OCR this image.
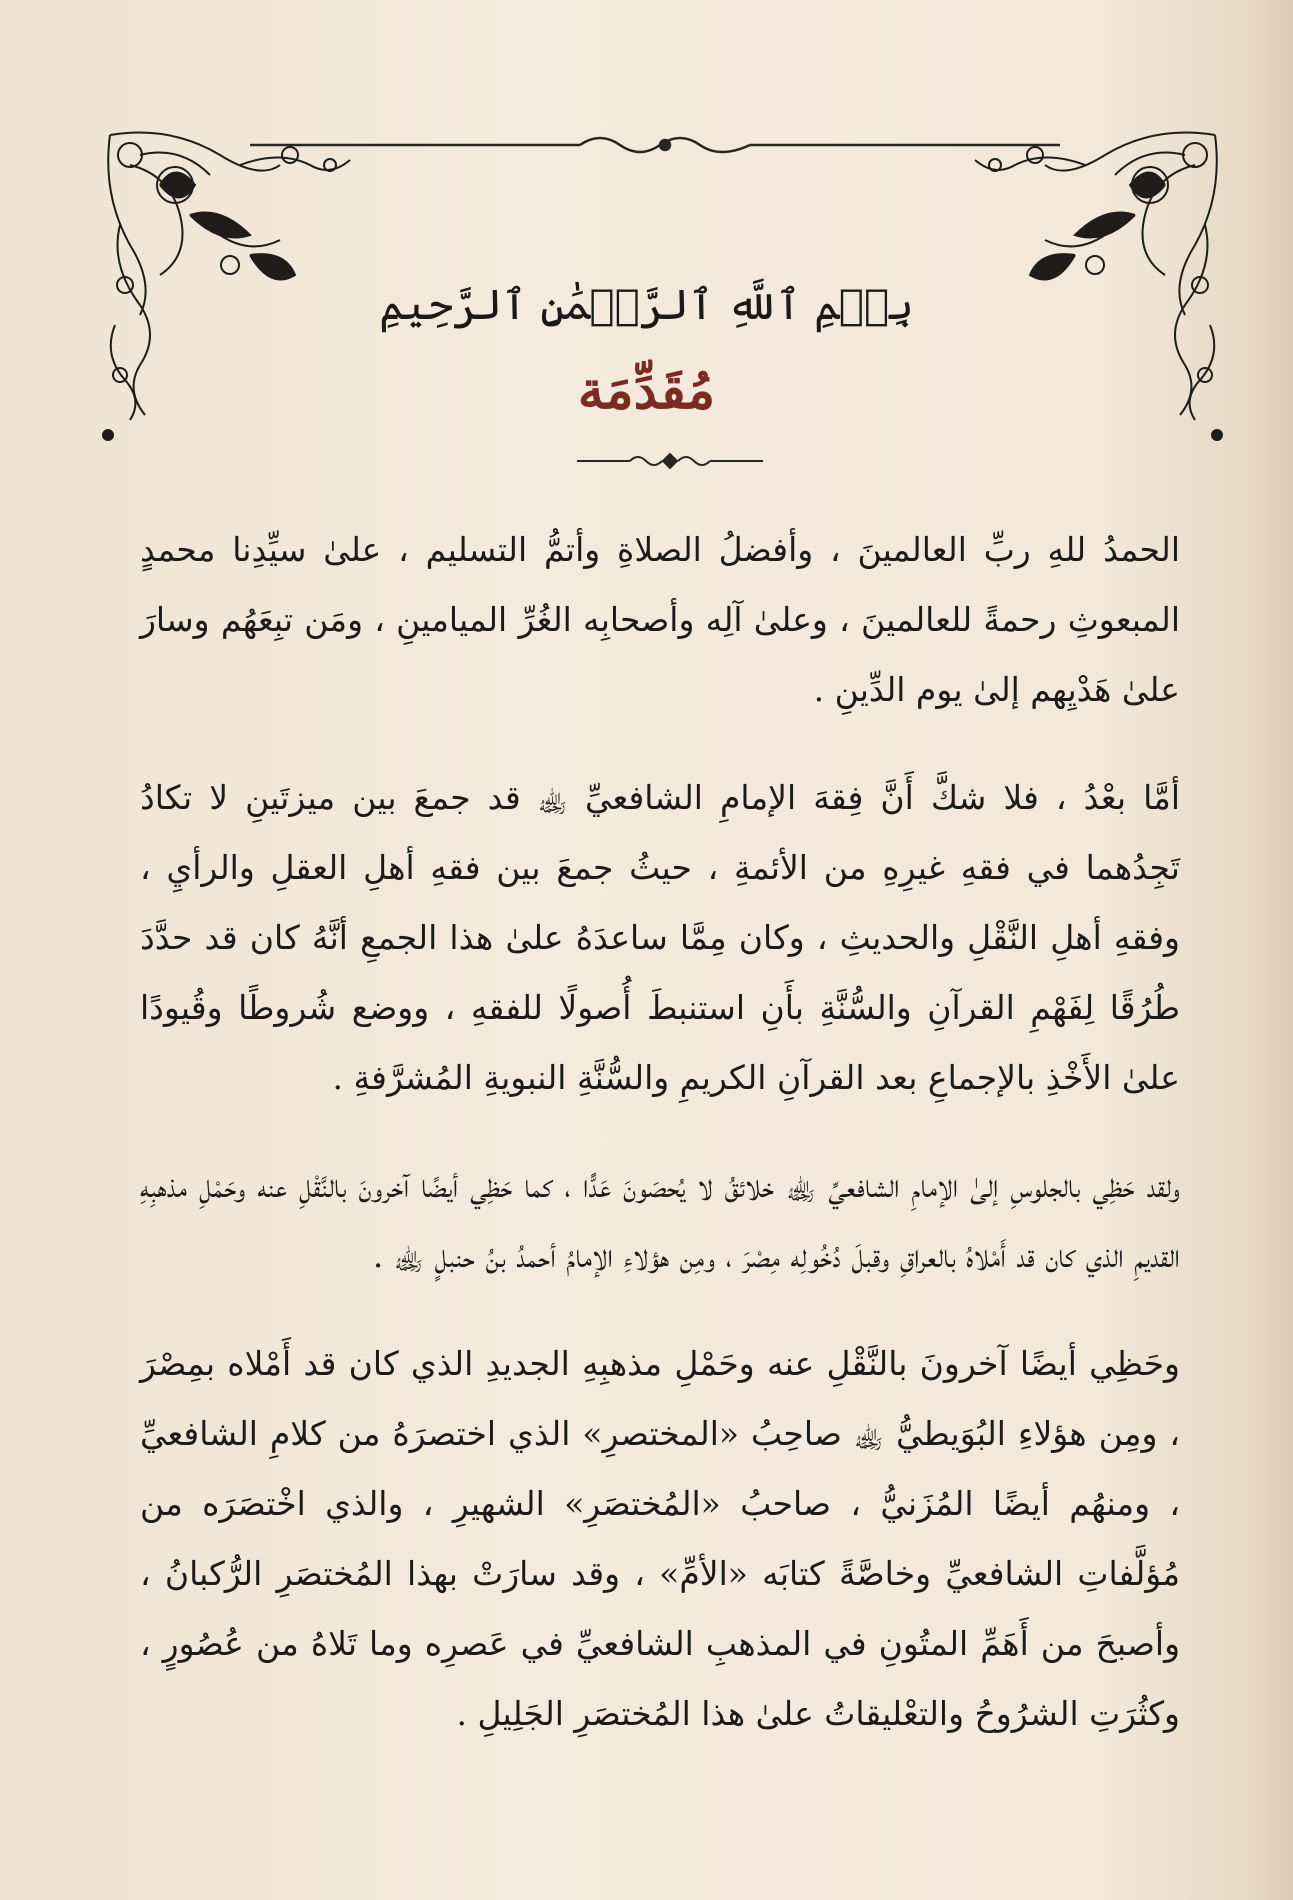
بِسۡمِ ٱللَّهِ ٱلرَّحۡمَٰنِ ٱلرَّحِيمِ
مُقَدِّمَة

الحمدُ للهِ ربِّ العالمينَ ، وأفضلُ الصلاةِ وأتمُّ التسليم ، علىٰ سيِّدِنا محمدٍ المبعوثِ رحمةً للعالمينَ ، وعلىٰ آلِه وأصحابِه الغُرِّ الميامينِ ، ومَن تبِعَهُم وسارَ علىٰ هَدْيِهم إلىٰ يوم الدِّينِ .

أمَّا بعْدُ ، فلا شكَّ أَنَّ فِقهَ الإمامِ الشافعيِّ ﵀ قد جمعَ بين ميزتَينِ لا تكادُ تَجِدُهما في فقهِ غيرِهِ من الأئمةِ ، حيثُ جمعَ بين فقهِ أهلِ العقلِ والرأيِ ، وفقهِ أهلِ النَّقْلِ والحديثِ ، وكان مِمَّا ساعدَهُ علىٰ هذا الجمعِ أنَّهُ كان قد حدَّدَ طُرُقًا لِفَهْمِ القرآنِ والسُّنَّةِ بأَنِ استنبطَ أُصولًا للفقهِ ، ووضع شُروطًا وقُيودًا علىٰ الأَخْذِ بالإجماعِ بعد القرآنِ الكريمِ والسُّنَّةِ النبويةِ المُشرَّفةِ .

ولقد حَظِي بالجلوسِ إلىٰ الإمامِ الشافعيِّ ﵀ خلائقُ لا يُحصَونَ عَدًّا ، كما حَظِي أيضًا آخرونَ بالنَّقْلِ عنه وحَمْلِ مذهبِهِ القديمِ الذي كان قد أَمْلاهُ بالعراقِ وقبلَ دُخُولِه مِصْرَ ، ومِن هؤلاءِ الإمامُ أحمدُ بنُ حنبلٍ ﵀ .

وحَظِي أيضًا آخرونَ بالنَّقْلِ عنه وحَمْلِ مذهبِهِ الجديدِ الذي كان قد أَمْلاه بمِصْرَ ، ومِن هؤلاءِ البُوَيطيُّ ﵀ صاحِبُ «المختصرِ» الذي اختصرَهُ من كلامِ الشافعيِّ ، ومنهُم أيضًا المُزَنيُّ ، صاحبُ «المُختصَرِ» الشهيرِ ، والذي اخْتصَرَه من مُؤلَّفاتِ الشافعيِّ وخاصَّةً كتابَه «الأمِّ» ، وقد سارَتْ بهذا المُختصَرِ الرُّكبانُ ، وأصبحَ من أَهَمِّ المتُونِ في المذهبِ الشافعيِّ في عَصرِه وما تَلاهُ من عُصُورٍ ، وكثُرَتِ الشرُوحُ والتعْليقاتُ علىٰ هذا المُختصَرِ الجَلِيلِ .
